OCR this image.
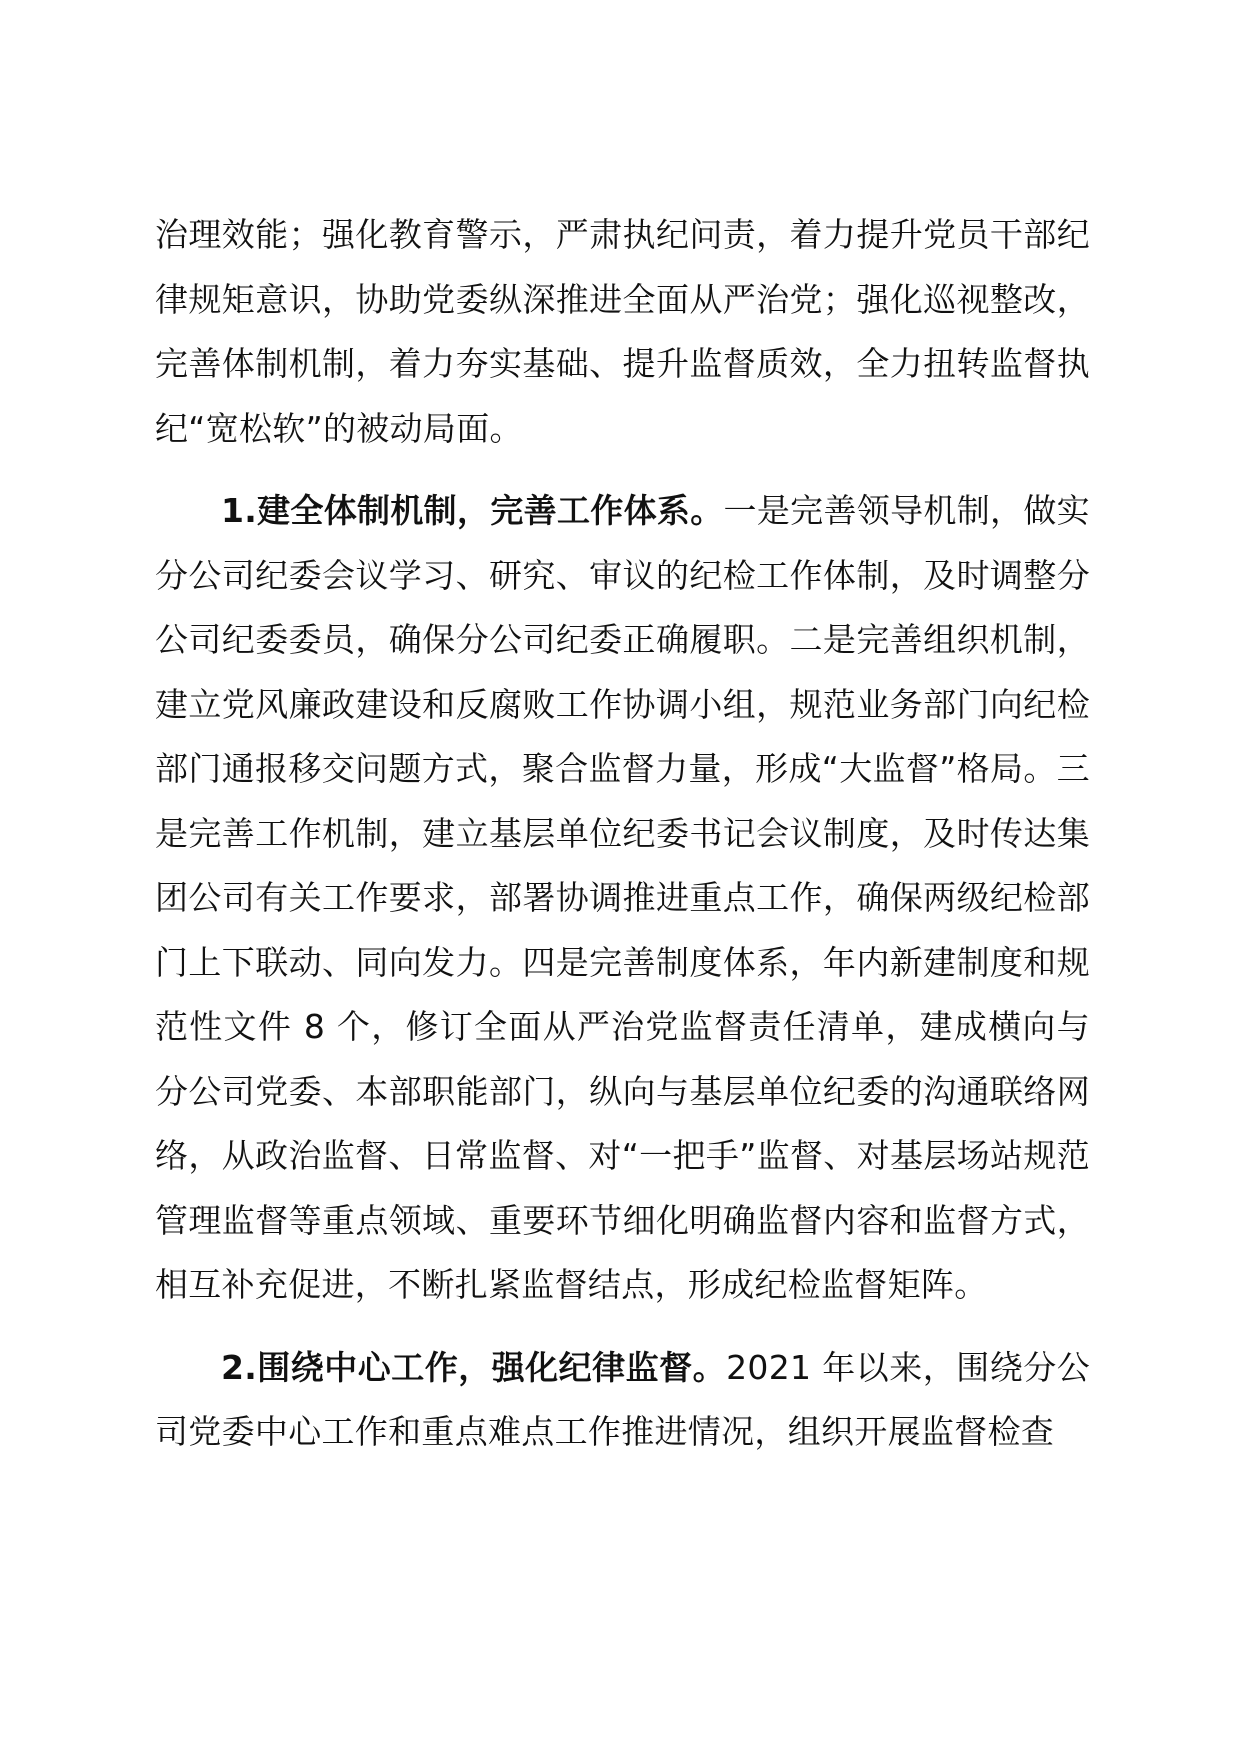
治理效能；强化教育警示，严肃执纪问责，着力提升党员干部纪律规矩意识，协助党委纵深推进全面从严治党；强化巡视整改，完善体制机制，着力夯实基础、提升监督质效，全力扭转监督执纪“宽松软”的被动局面。

1.建全体制机制，完善工作体系。一是完善领导机制，做实分公司纪委会议学习、研究、审议的纪检工作体制，及时调整分公司纪委委员，确保分公司纪委正确履职。二是完善组织机制，建立党风廉政建设和反腐败工作协调小组，规范业务部门向纪检部门通报移交问题方式，聚合监督力量，形成“大监督”格局。三是完善工作机制，建立基层单位纪委书记会议制度，及时传达集团公司有关工作要求，部署协调推进重点工作，确保两级纪检部门上下联动、同向发力。四是完善制度体系，年内新建制度和规范性文件 8 个，修订全面从严治党监督责任清单，建成横向与分公司党委、本部职能部门，纵向与基层单位纪委的沟通联络网络，从政治监督、日常监督、对“一把手”监督、对基层场站规范管理监督等重点领域、重要环节细化明确监督内容和监督方式，相互补充促进，不断扎紧监督结点，形成纪检监督矩阵。

2.围绕中心工作，强化纪律监督。2021 年以来，围绕分公司党委中心工作和重点难点工作推进情况，组织开展监督检查
